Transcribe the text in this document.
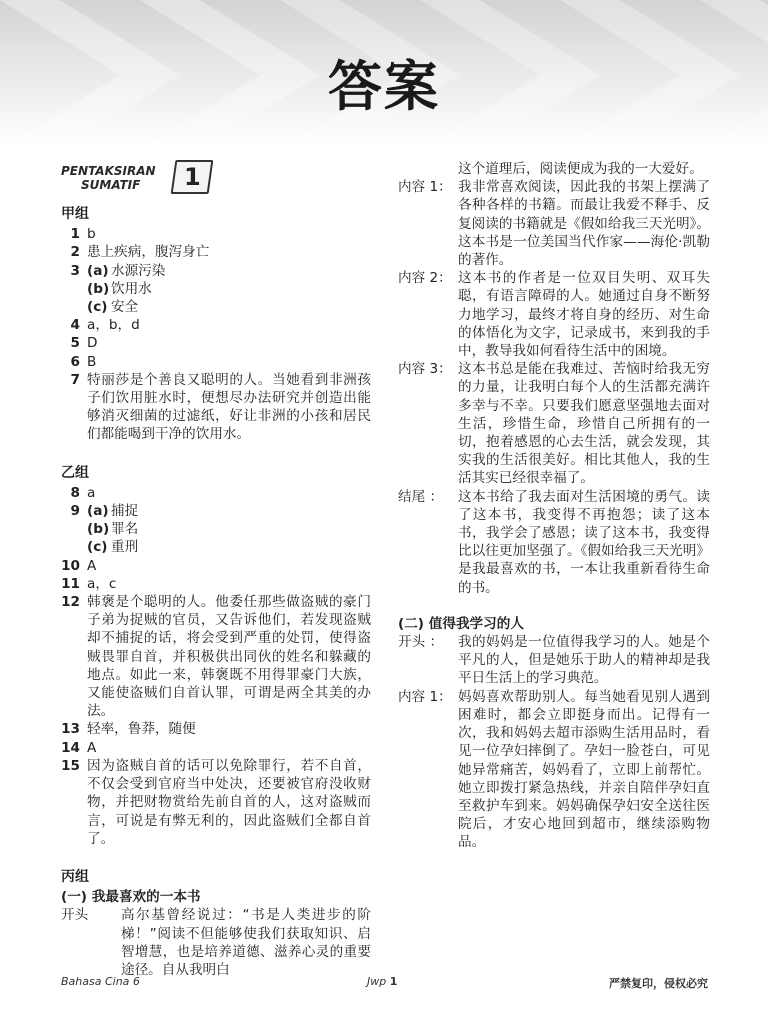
答案
PENTAKSIRAN
SUMATIF	1
甲组
1 b
2 患上疾病，腹泻身亡
3 (a) 水源污染
(b) 饮用水
(c) 安全
4 a，b，d
5 D
6 B
7 特丽莎是个善良又聪明的人。当她看到非洲孩子们饮用脏水时，便想尽办法研究并创造出能够消灭细菌的过滤纸，好让非洲的小孩和居民们都能喝到干净的饮用水。
乙组
8 a
9 (a) 捕捉
(b) 罪名
(c) 重刑
10 A
11 a，c
12 韩褒是个聪明的人。他委任那些做盗贼的豪门子弟为捉贼的官员，又告诉他们，若发现盗贼却不捕捉的话，将会受到严重的处罚，使得盗贼畏罪自首，并积极供出同伙的姓名和躲藏的地点。如此一来，韩褒既不用得罪豪门大族，又能使盗贼们自首认罪，可谓是两全其美的办法。
13 轻率，鲁莽，随便
14 A
15 因为盗贼自首的话可以免除罪行，若不自首，不仅会受到官府当中处决，还要被官府没收财物，并把财物赏给先前自首的人，这对盗贼而言，可说是有弊无利的，因此盗贼们全都自首了。
丙组
(一) 我最喜欢的一本书
开头	高尔基曾经说过：“书是人类进步的阶梯！”阅读不但能够使我们获取知识、启智增慧，也是培养道德、滋养心灵的重要途径。自从我明白
这个道理后，阅读便成为我的一大爱好。
内容 1： 我非常喜欢阅读，因此我的书架上摆满了各种各样的书籍。而最让我爱不释手、反复阅读的书籍就是《假如给我三天光明》。这本书是一位美国当代作家——海伦·凯勒的著作。
内容 2： 这本书的作者是一位双目失明、双耳失聪，有语言障碍的人。她通过自身不断努力地学习，最终才将自身的经历、对生命的体悟化为文字，记录成书，来到我的手中，教导我如何看待生活中的困境。
内容 3： 这本书总是能在我难过、苦恼时给我无穷的力量，让我明白每个人的生活都充满许多幸与不幸。只要我们愿意坚强地去面对生活，珍惜生命，珍惜自己所拥有的一切，抱着感恩的心去生活，就会发现，其实我的生活很美好。相比其他人，我的生活其实已经很幸福了。
结尾 ：	这本书给了我去面对生活困境的勇气。读了这本书，我变得不再抱怨；读了这本书，我学会了感恩；读了这本书，我变得比以往更加坚强了。《假如给我三天光明》是我最喜欢的书，一本让我重新看待生命的书。
(二) 值得我学习的人
开头 ：	我的妈妈是一位值得我学习的人。她是个平凡的人，但是她乐于助人的精神却是我平日生活上的学习典范。
内容 1： 妈妈喜欢帮助别人。每当她看见别人遇到困难时，都会立即挺身而出。记得有一次，我和妈妈去超市添购生活用品时，看见一位孕妇摔倒了。孕妇一脸苍白，可见她异常痛苦，妈妈看了，立即上前帮忙。她立即拨打紧急热线，并亲自陪伴孕妇直至救护车到来。妈妈确保孕妇安全送往医院后，才安心地回到超市，继续添购物品。
Bahasa Cina 6	Jwp 1	严禁复印，侵权必究
